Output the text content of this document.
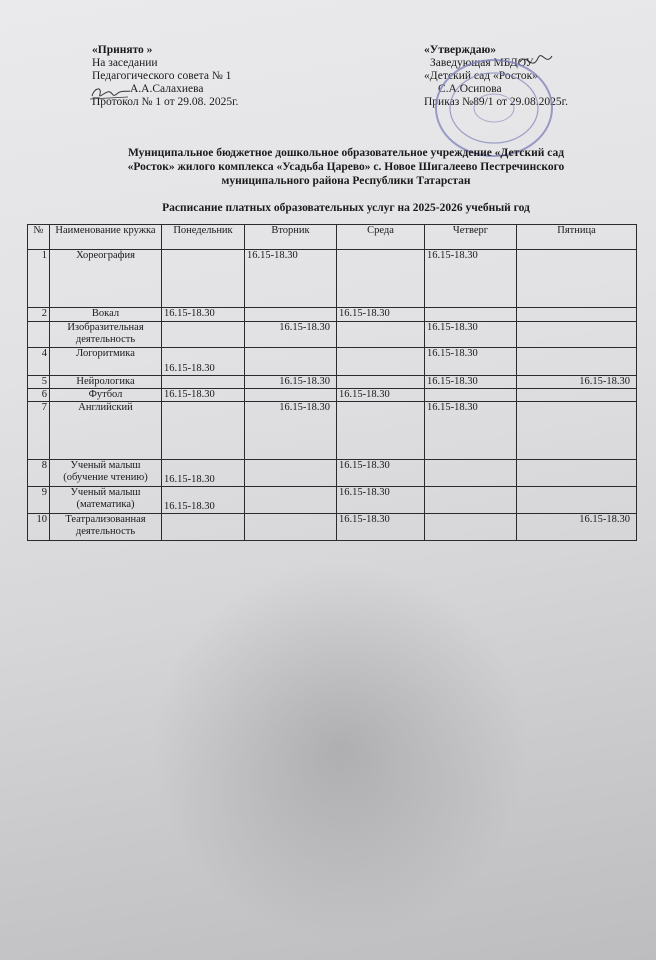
«Принято »
На заседании
Педагогического совета № 1
А.А.Салахиева
Протокол № 1 от 29.08. 2025г.
«Утверждаю»
Заведующая МБДОУ
«Детский сад «Росток»
С.А.Осипова
Приказ №89/1 от 29.08.2025г.
Муниципальное бюджетное дошкольное образовательное учреждение «Детский сад
«Росток» жилого комплекса «Усадьба Царево» с. Новое Шигалеево Пестречинского
муниципального района Республики Татарстан
Расписание платных образовательных услуг на 2025-2026 учебный год
№	Наименование кружка	Понедельник	Вторник	Среда	Четверг	Пятница
1	Хореография		16.15-18.30		16.15-18.30	
2	Вокал	16.15-18.30		16.15-18.30		
	Изобразительная деятельность		16.15-18.30		16.15-18.30	
4	Логоритмика	16.15-18.30			16.15-18.30	
5	Нейрологика		16.15-18.30		16.15-18.30	16.15-18.30
6	Футбол	16.15-18.30		16.15-18.30		
7	Английский		16.15-18.30		16.15-18.30	
8	Ученый малыш (обучение чтению)	16.15-18.30		16.15-18.30		
9	Ученый малыш (математика)	16.15-18.30		16.15-18.30		
10	Театрализованная деятельность			16.15-18.30		16.15-18.30
